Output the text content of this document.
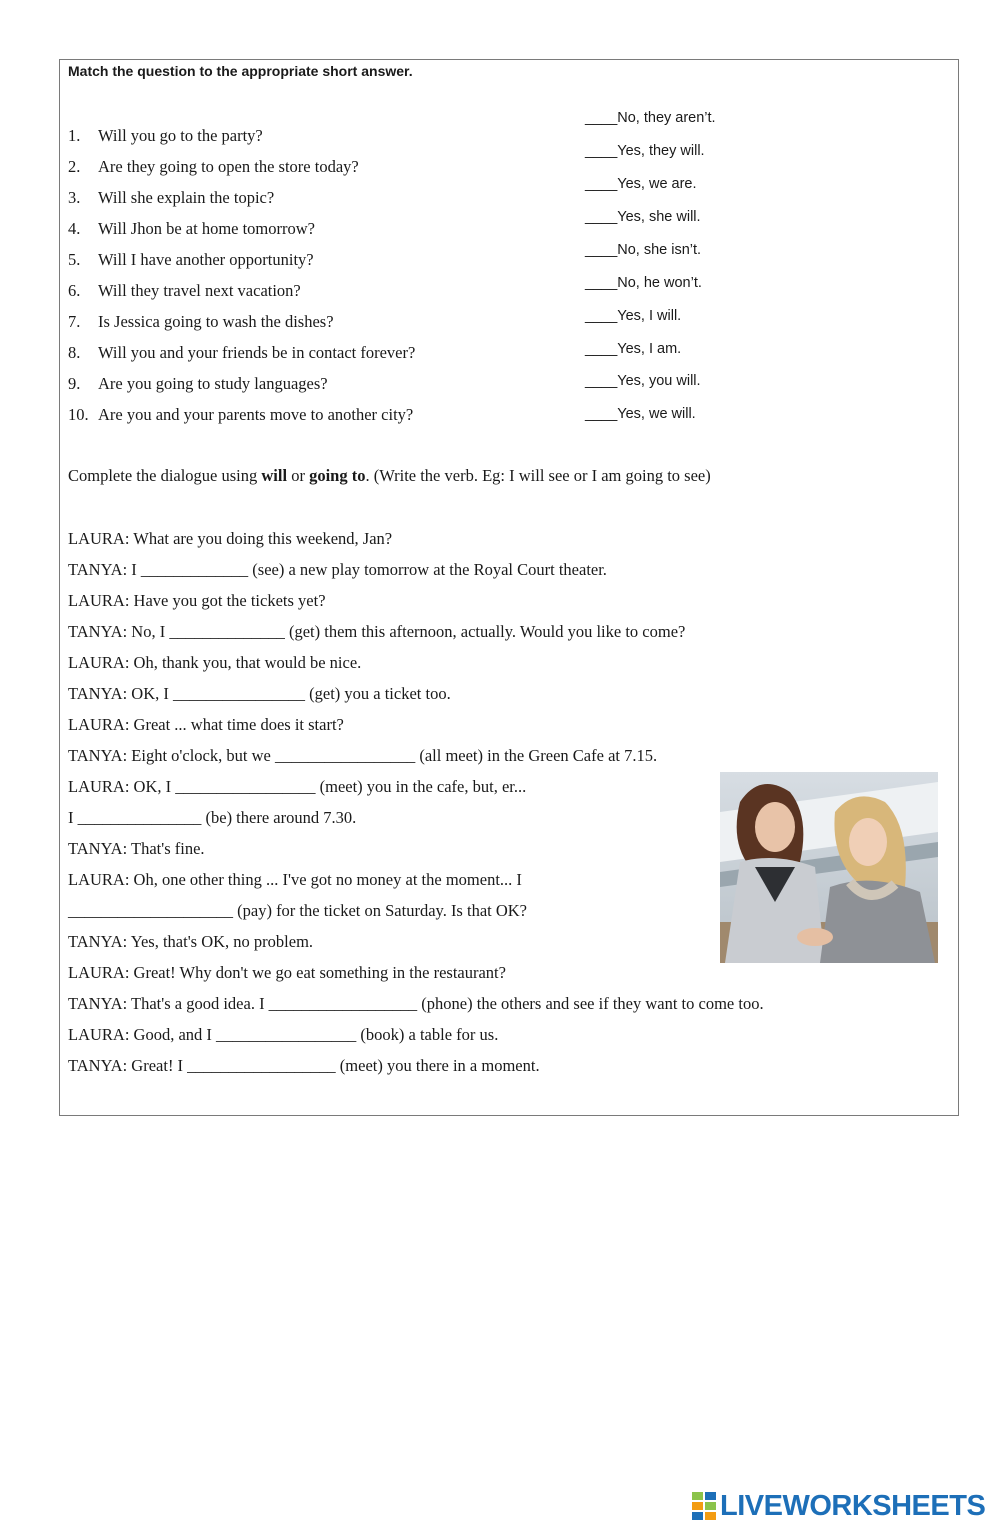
Match the question to the appropriate short answer.
1. Will you go to the party?
2. Are they going to open the store today?
3. Will she explain the topic?
4. Will Jhon be at home tomorrow?
5. Will I have another opportunity?
6. Will they travel next vacation?
7. Is Jessica going to wash the dishes?
8. Will you and your friends be in contact forever?
9. Are you going to study languages?
10. Are you and your parents move to another city?
____No, they aren’t.
____Yes, they will.
____Yes, we are.
____Yes, she will.
____No, she isn’t.
____No, he won’t.
____Yes, I will.
____Yes, I am.
____Yes, you will.
____Yes, we will.
Complete the dialogue using will or going to. (Write the verb. Eg: I will see or I am going to see)
LAURA: What are you doing this weekend, Jan?
TANYA: I _____________ (see) a new play tomorrow at the Royal Court theater.
LAURA: Have you got the tickets yet?
TANYA: No, I ______________ (get) them this afternoon, actually. Would you like to come?
LAURA: Oh, thank you, that would be nice.
TANYA: OK, I ________________ (get) you a ticket too.
LAURA: Great ... what time does it start?
TANYA: Eight o'clock, but we _________________ (all meet) in the Green Cafe at 7.15.
LAURA: OK, I _________________ (meet) you in the cafe, but, er...
I _______________ (be) there around 7.30.
TANYA: That's fine.
LAURA: Oh, one other thing ... I've got no money at the moment... I
____________________ (pay) for the ticket on Saturday. Is that OK?
TANYA: Yes, that's OK, no problem.
LAURA: Great! Why don't we go eat something in the restaurant?
TANYA: That's a good idea. I __________________ (phone) the others and see if they want to come too.
LAURA: Good, and I _________________ (book) a table for us.
TANYA: Great! I __________________ (meet) you there in a moment.
LIVEWORKSHEETS
